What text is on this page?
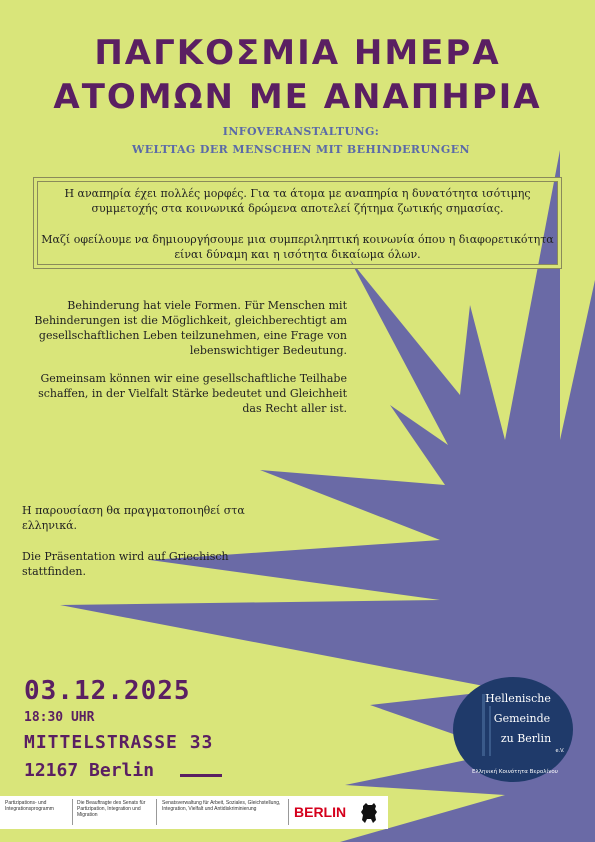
ΠΑΓΚΟΣΜΙΑ ΗΜΕΡΑ
ΑΤΟΜΩΝ ΜΕ ΑΝΑΠΗΡΙΑ
INFOVERANSTALTUNG:
WELTTAG DER MENSCHEN MIT BEHINDERUNGEN
Η αναπηρία έχει πολλές μορφές. Για τα άτομα με αναπηρία η δυνατότητα ισότιμης συμμετοχής στα κοινωνικά δρώμενα αποτελεί ζήτημα ζωτικής σημασίας.
Μαζί οφείλουμε να δημιουργήσουμε μια συμπεριληπτική κοινωνία όπου η διαφορετικότητα είναι δύναμη και η ισότητα δικαίωμα όλων.
Behinderung hat viele Formen. Für Menschen mit Behinderungen ist die Möglichkeit, gleichberechtigt am gesellschaftlichen Leben teilzunehmen, eine Frage von lebenswichtiger Bedeutung.
Gemeinsam können wir eine gesellschaftliche Teilhabe schaffen, in der Vielfalt Stärke bedeutet und Gleichheit das Recht aller ist.
Η παρουσίαση θα πραγματοποιηθεί στα ελληνικά.
Die Präsentation wird auf Griechisch stattfinden.
03.12.2025
18:30 UHR
MITTELSTRASSE 33
12167 Berlin
Hellenische
Gemeinde
zu Berlin
e.V.
Ελληνική Κοινότητα Βερολίνου
Partizipations- und Integrationsprogramm
Die Beauftragte des Senats für Partizipation, Integration und Migration
Senatsverwaltung für Arbeit, Soziales, Gleichstellung, Integration, Vielfalt und Antidiskriminierung	BERLIN
